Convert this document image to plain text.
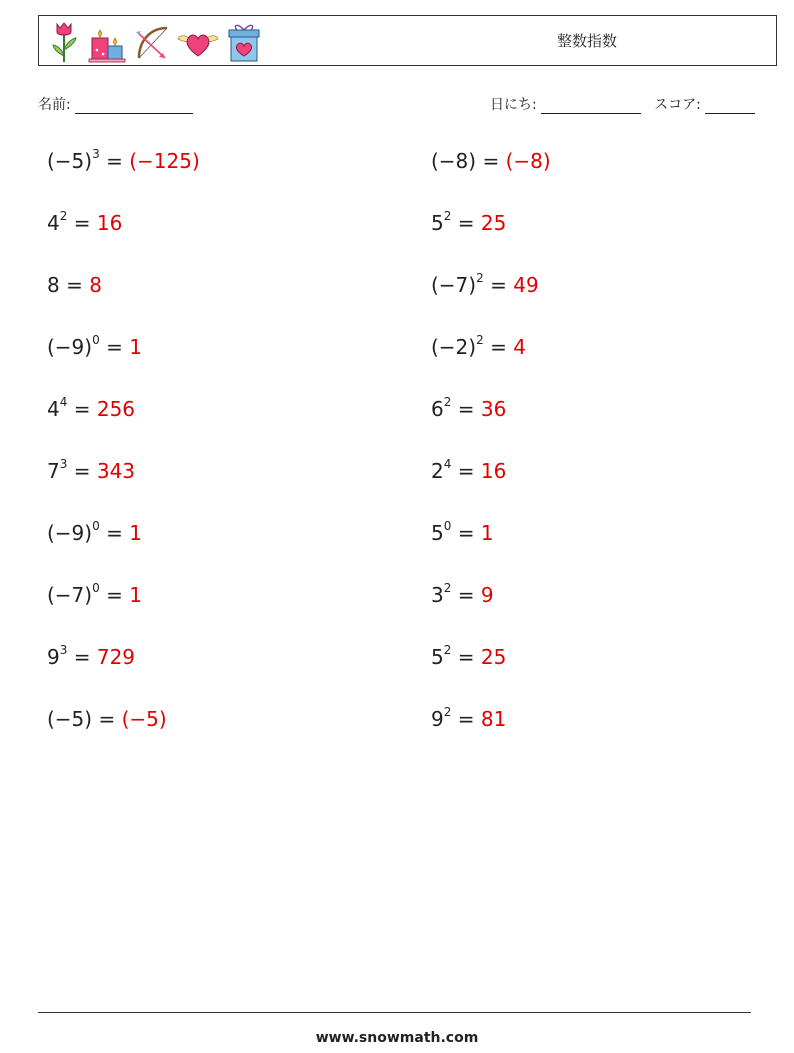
整数指数
名前:	日にち:	スコア:
$(-5)^3 = (-125)$	(−8) = (−8)
$4^2 = 16$	$5^2 = 25$
8 = 8	$(-7)^2 = 49$
$(-9)^0 = 1$	$(-2)^2 = 4$
$4^4 = 256$	$6^2 = 36$
$7^3 = 343$	$2^4 = 16$
$(-9)^0 = 1$	$5^0 = 1$
$(-7)^0 = 1$	$3^2 = 9$
$9^3 = 729$	$5^2 = 25$
(−5) = (−5)	$9^2 = 81$
www.snowmath.com
